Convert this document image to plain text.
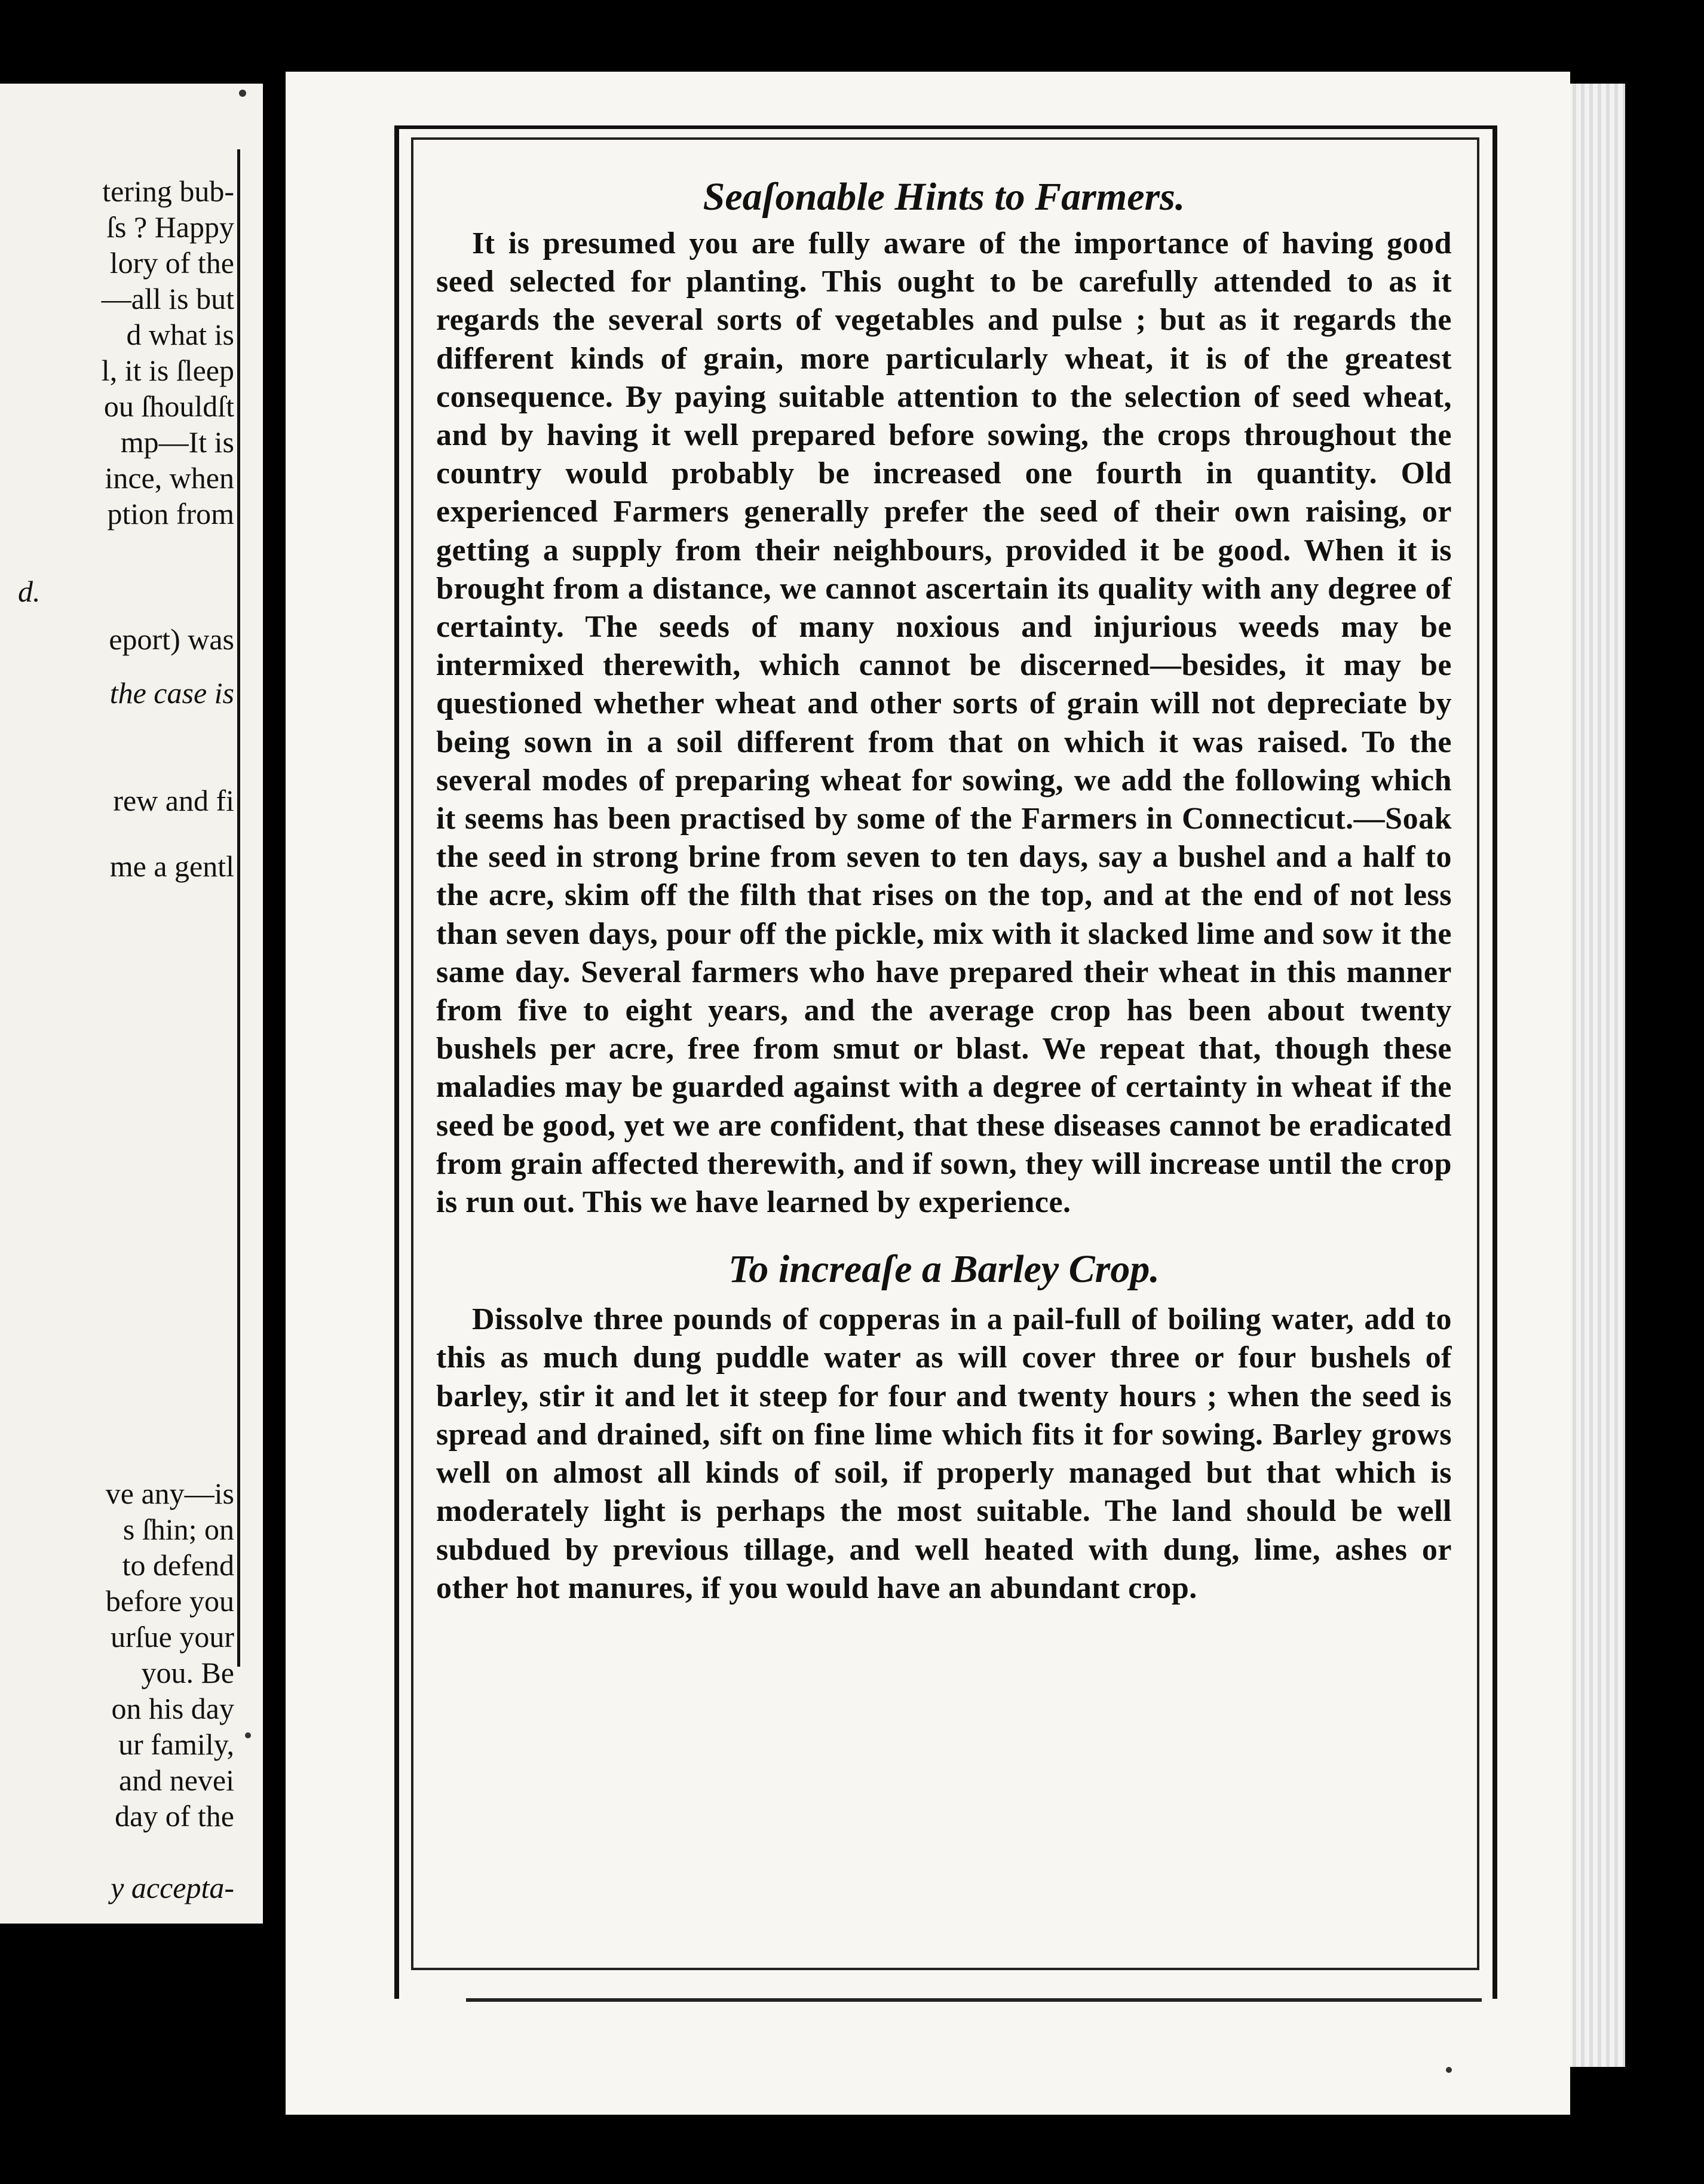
tering bub-
ſs ? Happy
lory of the
—all is but
d what is
l, it is ſleep
ou ſhouldſt
mp—It is
ince, when
ption from
d.
eport) was
the case is
rew and fi
me a gentl
ve any—is
s ſhin; on
to defend
before you
urſue your
you. Be
on his day
ur family,
and nevei
day of the
y accepta-
Seaſonable Hints to Farmers.

It is presumed you are fully aware of the importance of having good seed selected for planting. This ought to be carefully attended to as it regards the several sorts of vegetables and pulse ; but as it regards the different kinds of grain, more particularly wheat, it is of the greatest consequence. By paying suitable attention to the selection of seed wheat, and by having it well prepared before sowing, the crops throughout the country would probably be increased one fourth in quantity. Old experienced Farmers generally prefer the seed of their own raising, or getting a supply from their neighbours, provided it be good. When it is brought from a distance, we cannot ascertain its quality with any degree of certainty. The seeds of many noxious and injurious weeds may be intermixed therewith, which cannot be discerned—besides, it may be questioned whether wheat and other sorts of grain will not depreciate by being sown in a soil different from that on which it was raised. To the several modes of preparing wheat for sowing, we add the following which it seems has been practised by some of the Farmers in Connecticut.—Soak the seed in strong brine from seven to ten days, say a bushel and a half to the acre, skim off the filth that rises on the top, and at the end of not less than seven days, pour off the pickle, mix with it slacked lime and sow it the same day. Several farmers who have prepared their wheat in this manner from five to eight years, and the average crop has been about twenty bushels per acre, free from smut or blast. We repeat that, though these maladies may be guarded against with a degree of certainty in wheat if the seed be good, yet we are confident, that these diseases cannot be eradicated from grain affected therewith, and if sown, they will increase until the crop is run out. This we have learned by experience.

To increaſe a Barley Crop.

Dissolve three pounds of copperas in a pail-full of boiling water, add to this as much dung puddle water as will cover three or four bushels of barley, stir it and let it steep for four and twenty hours ; when the seed is spread and drained, sift on fine lime which fits it for sowing. Barley grows well on almost all kinds of soil, if properly managed but that which is moderately light is perhaps the most suitable. The land should be well subdued by previous tillage, and well heated with dung, lime, ashes or other hot manures, if you would have an abundant crop.
